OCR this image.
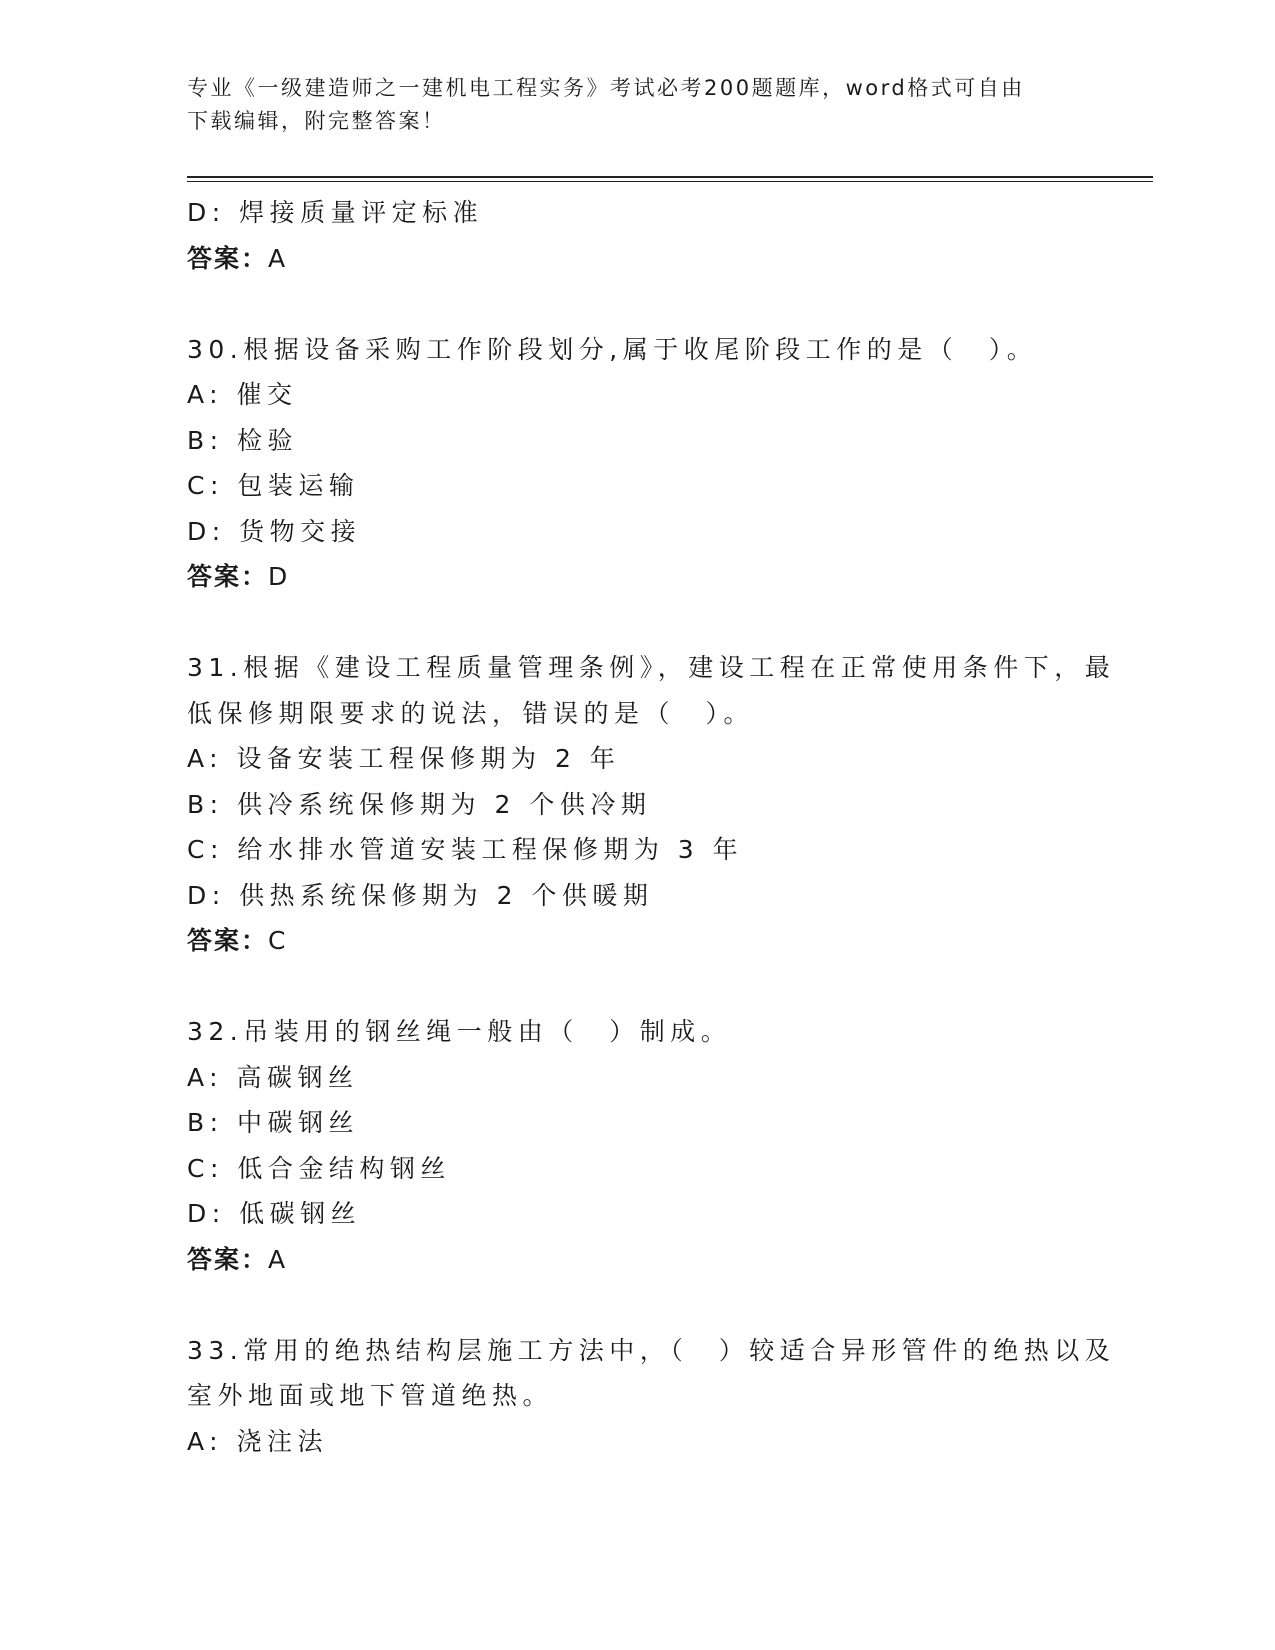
专业《一级建造师之一建机电工程实务》考试必考200题题库，word格式可自由
下载编辑，附完整答案！
D: 焊接质量评定标准
答案：A
30.根据设备采购工作阶段划分,属于收尾阶段工作的是（　）。
A: 催交
B: 检验
C: 包装运输
D: 货物交接
答案：D
31.根据《建设工程质量管理条例》，建设工程在正常使用条件下，最
低保修期限要求的说法，错误的是（　）。
A: 设备安装工程保修期为 2 年
B: 供冷系统保修期为 2 个供冷期
C: 给水排水管道安装工程保修期为 3 年
D: 供热系统保修期为 2 个供暖期
答案：C
32.吊装用的钢丝绳一般由（　）制成。
A: 高碳钢丝
B: 中碳钢丝
C: 低合金结构钢丝
D: 低碳钢丝
答案：A
33.常用的绝热结构层施工方法中，（　）较适合异形管件的绝热以及
室外地面或地下管道绝热。
A: 浇注法
